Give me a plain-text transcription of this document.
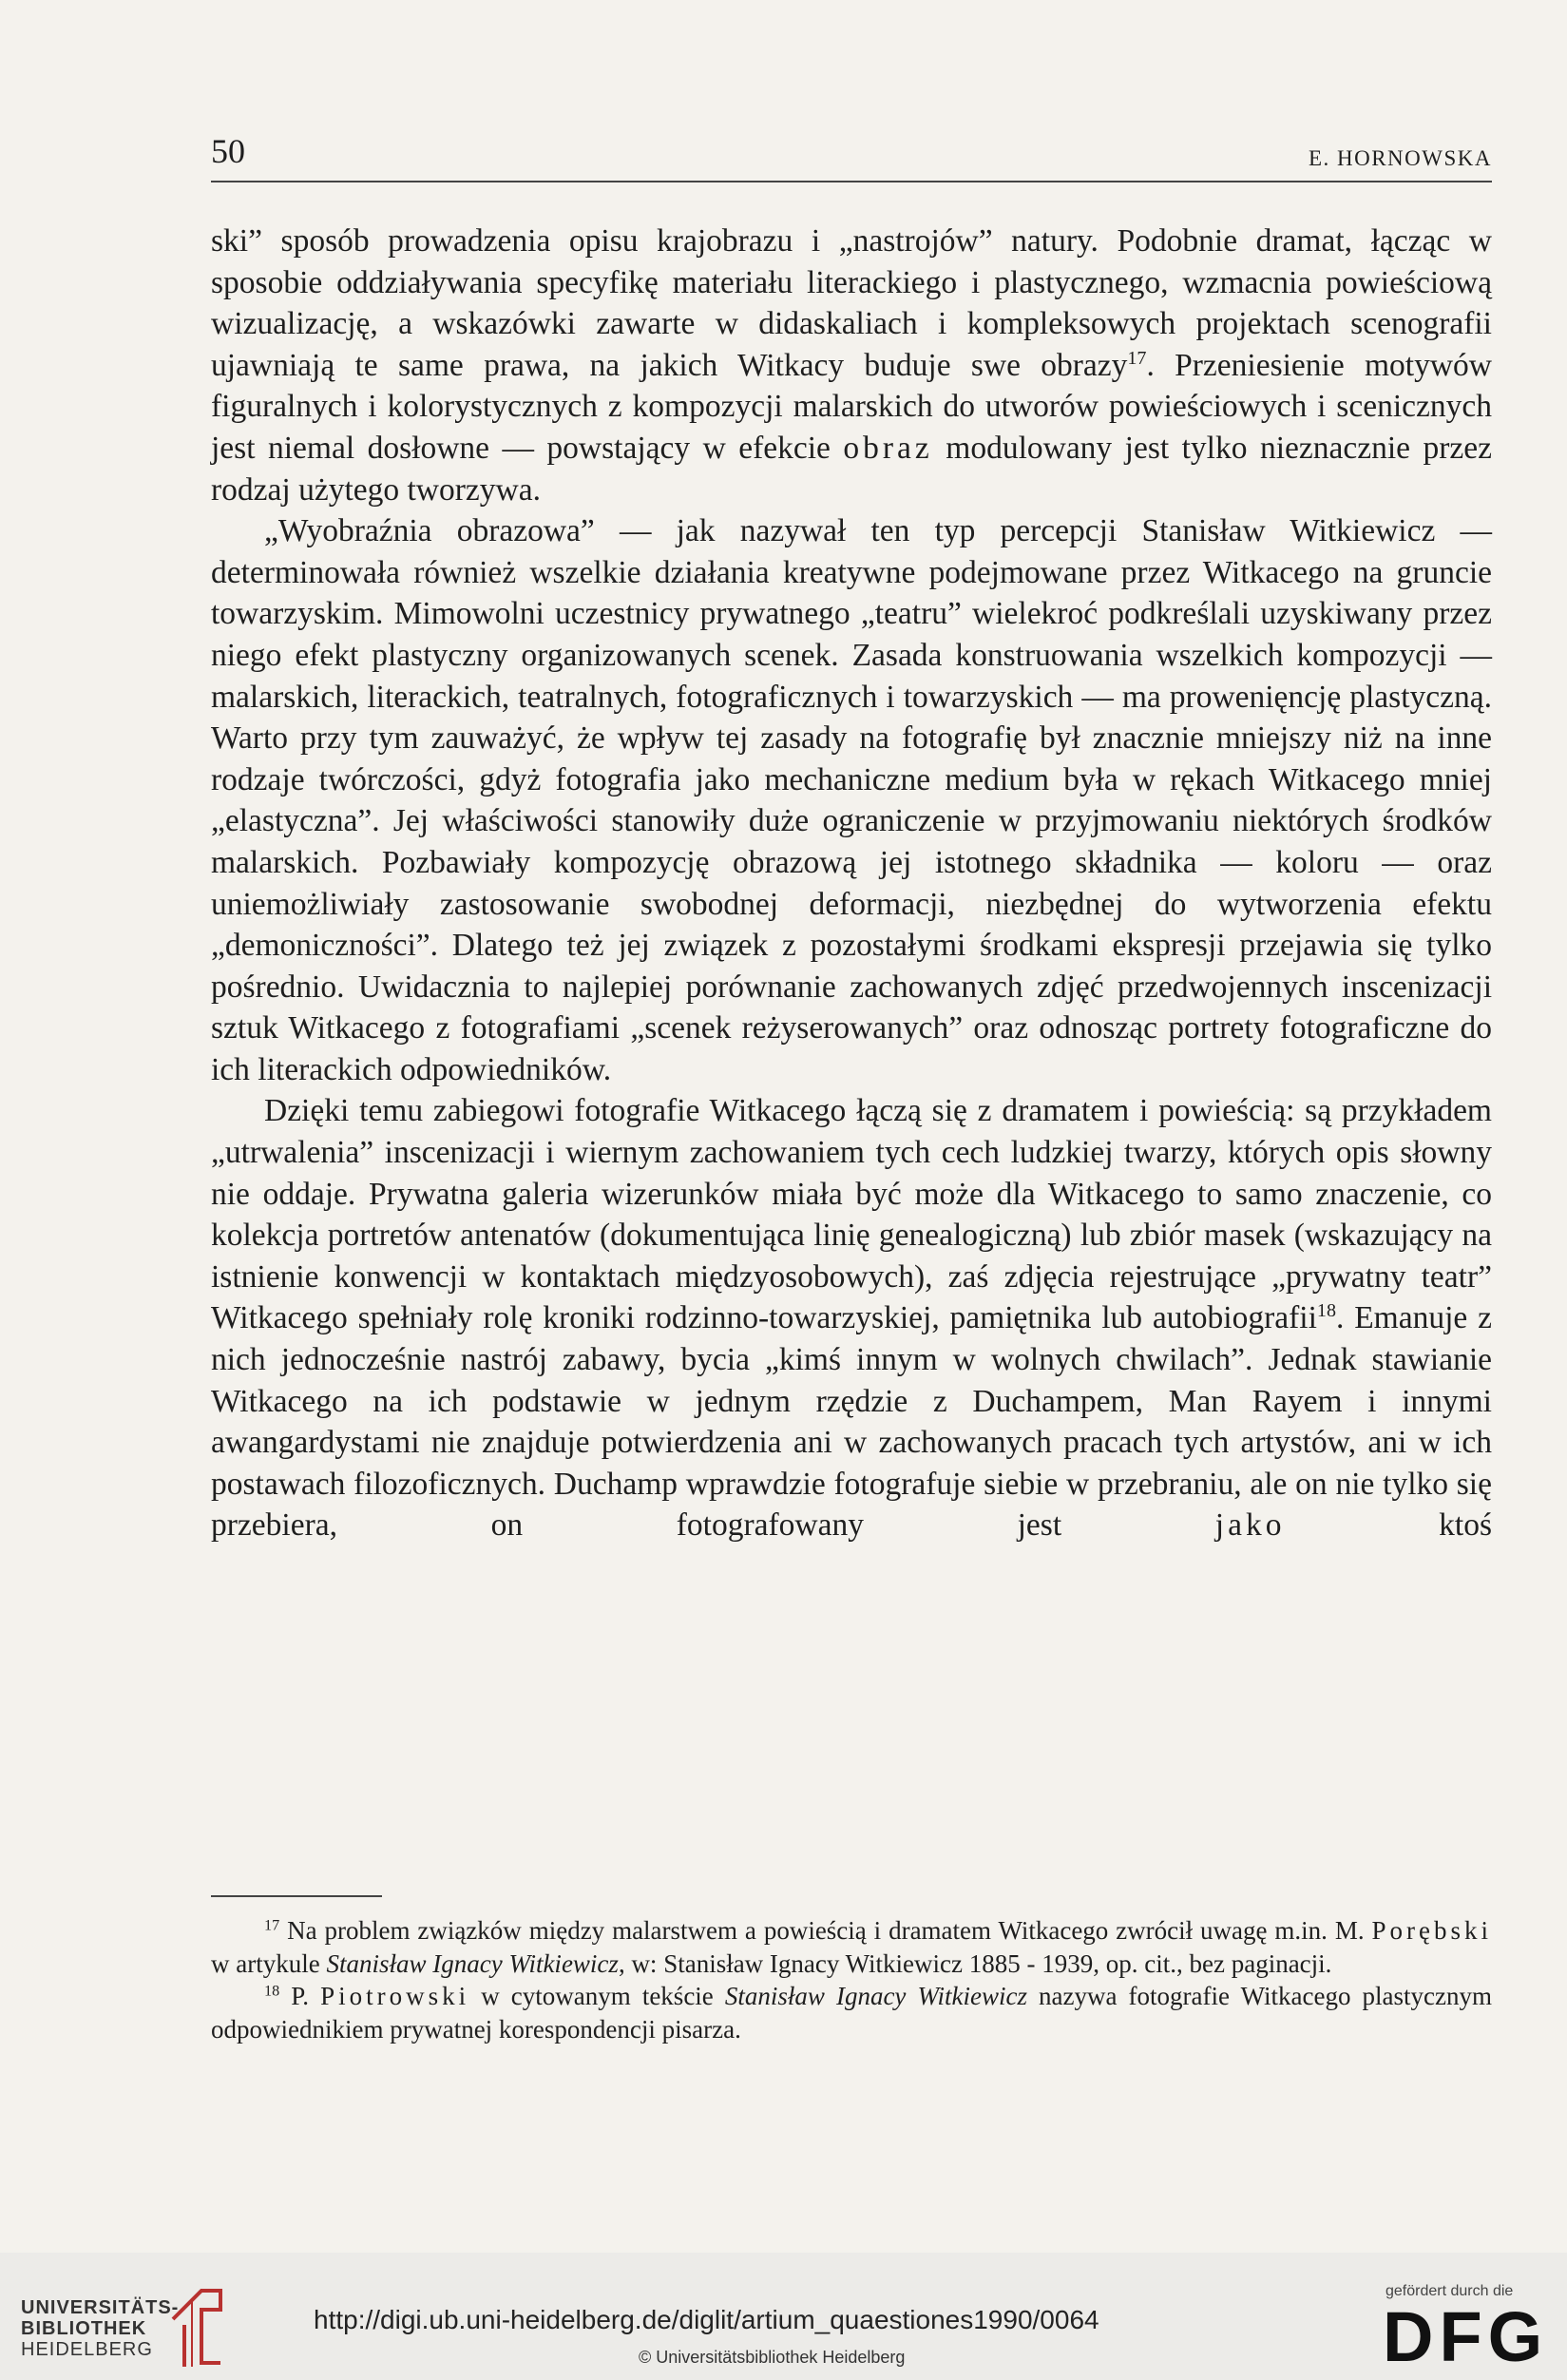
50	E. HORNOWSKA

ski” sposób prowadzenia opisu krajobrazu i „nastrojów” natury. Podobnie dramat, łącząc w sposobie oddziaływania specyfikę materiału literackiego i plastycznego, wzmacnia powieściową wizualizację, a wskazówki zawarte w didaskaliach i kompleksowych projektach scenografii ujawniają te same prawa, na jakich Witkacy buduje swe obrazy$^{17}$. Przeniesienie motywów figuralnych i kolorystycznych z kompozycji malarskich do utworów powieściowych i scenicznych jest niemal dosłowne — powstający w efekcie obraz modulowany jest tylko nieznacznie przez rodzaj użytego tworzywa.

„Wyobraźnia obrazowa” — jak nazywał ten typ percepcji Stanisław Witkiewicz — determinowała również wszelkie działania kreatywne podejmowane przez Witkacego na gruncie towarzyskim. Mimowolni uczestnicy prywatnego „teatru” wielekroć podkreślali uzyskiwany przez niego efekt plastyczny organizowanych scenek. Zasada konstruowania wszelkich kompozycji — malarskich, literackich, teatralnych, fotograficznych i towarzyskich — ma prowenięncję plastyczną. Warto przy tym zauważyć, że wpływ tej zasady na fotografię był znacznie mniejszy niż na inne rodzaje twórczości, gdyż fotografia jako mechaniczne medium była w rękach Witkacego mniej „elastyczna”. Jej właściwości stanowiły duże ograniczenie w przyjmowaniu niektórych środków malarskich. Pozbawiały kompozycję obrazową jej istotnego składnika — koloru — oraz uniemożliwiały zastosowanie swobodnej deformacji, niezbędnej do wytworzenia efektu „demoniczności”. Dlatego też jej związek z pozostałymi środkami ekspresji przejawia się tylko pośrednio. Uwidacznia to najlepiej porównanie zachowanych zdjęć przedwojennych inscenizacji sztuk Witkacego z fotografiami „scenek reżyserowanych” oraz odnosząc portrety fotograficzne do ich literackich odpowiedników.

Dzięki temu zabiegowi fotografie Witkacego łączą się z dramatem i powieścią: są przykładem „utrwalenia” inscenizacji i wiernym zachowaniem tych cech ludzkiej twarzy, których opis słowny nie oddaje. Prywatna galeria wizerunków miała być może dla Witkacego to samo znaczenie, co kolekcja portretów antenatów (dokumentująca linię genealogiczną) lub zbiór masek (wskazujący na istnienie konwencji w kontaktach międzyosobowych), zaś zdjęcia rejestrujące „prywatny teatr” Witkacego spełniały rolę kroniki rodzinno-towarzyskiej, pamiętnika lub autobiografii$^{18}$. Emanuje z nich jednocześnie nastrój zabawy, bycia „kimś innym w wolnych chwilach”. Jednak stawianie Witkacego na ich podstawie w jednym rzędzie z Duchampem, Man Rayem i innymi awangardystami nie znajduje potwierdzenia ani w zachowanych pracach tych artystów, ani w ich postawach filozoficznych. Duchamp wprawdzie fotografuje siebie w przebraniu, ale on nie tylko się przebiera, on fotografowany jest jako ktoś

$^{17}$ Na problem związków między malarstwem a powieścią i dramatem Witkacego zwrócił uwagę m.in. M. Porębski w artykule Stanisław Ignacy Witkiewicz, w: Stanisław Ignacy Witkiewicz 1885 - 1939, op. cit., bez paginacji.

$^{18}$ P. Piotrowski w cytowanym tekście Stanisław Ignacy Witkiewicz nazywa fotografie Witkacego plastycznym odpowiednikiem prywatnej korespondencji pisarza.

UNIVERSITÄTS-
BIBLIOTHEK
HEIDELBERG
http://digi.ub.uni-heidelberg.de/diglit/artium_quaestiones1990/0064
© Universitätsbibliothek Heidelberg
gefördert durch die
DFG
